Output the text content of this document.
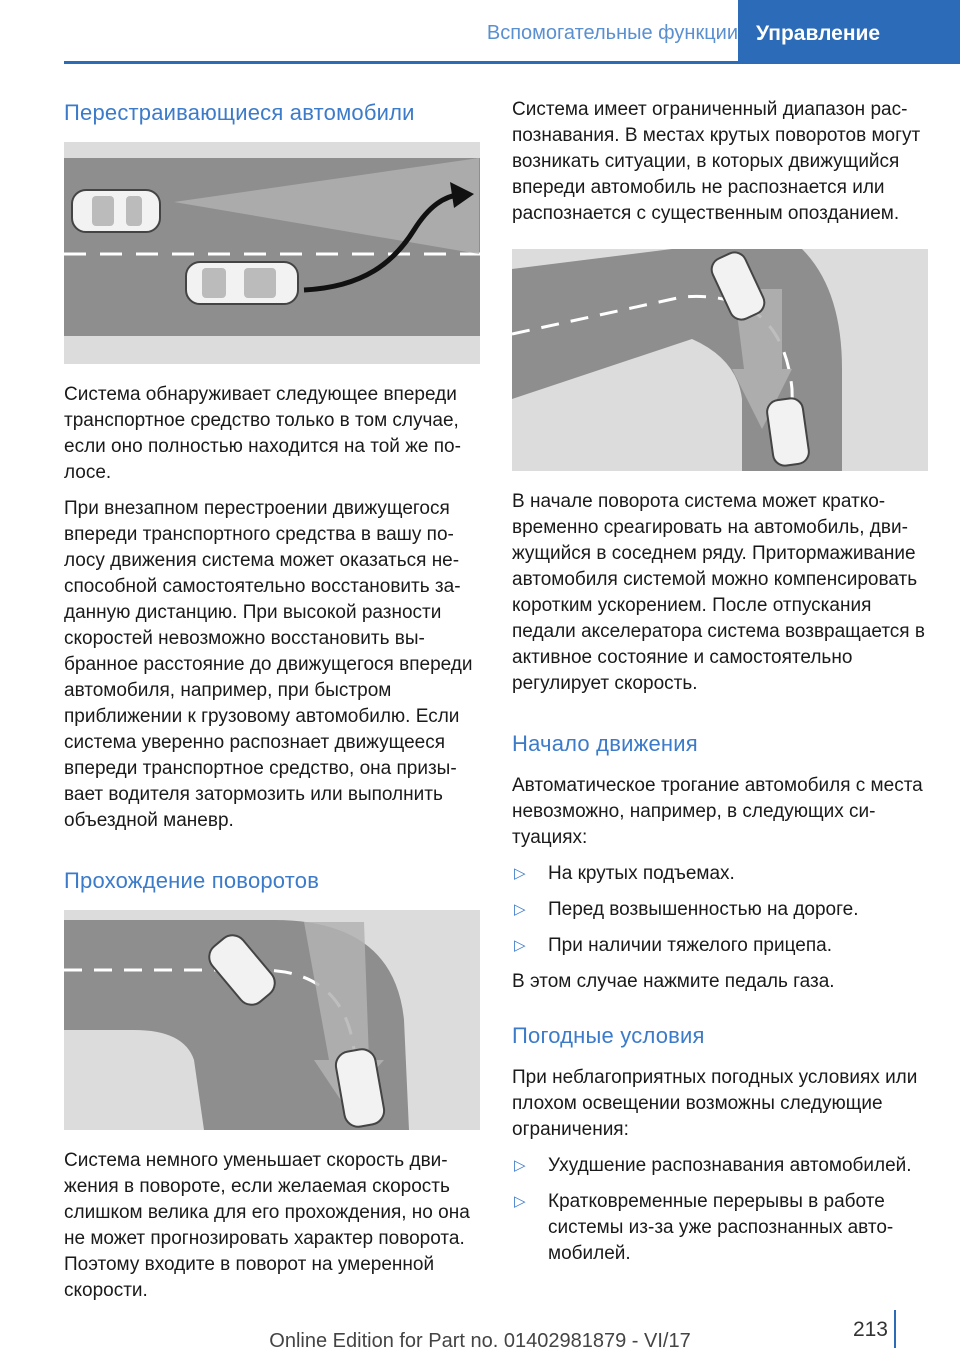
Вспомогательные функции Управление
Перестраивающиеся автомобили

Система обнаруживает следующее впереди транспортное средство только в том случае, если оно полностью находится на той же полосе.

При внезапном перестроении движущегося впереди транспортного средства в вашу полосу движения система может оказаться неспособной самостоятельно восстановить заданную дистанцию. При высокой разности скоростей невозможно восстановить выбранное расстояние до движущегося впереди автомобиля, например, при быстром приближении к грузовому автомобилю. Если система уверенно распознает движущееся впереди транспортное средство, она призывает водителя затормозить или выполнить объездной маневр.

Прохождение поворотов

Система немного уменьшает скорость движения в повороте, если желаемая скорость слишком велика для его прохождения, но она не может прогнозировать характер поворота. Поэтому входите в поворот на умеренной скорости.

Система имеет ограниченный диапазон распознавания. В местах крутых поворотов могут возникать ситуации, в которых движущийся впереди автомобиль не распознается или распознается с существенным опозданием.

В начале поворота система может кратковременно среагировать на автомобиль, движущийся в соседнем ряду. Притормаживание автомобиля системой можно компенсировать коротким ускорением. После отпускания педали акселератора система возвращается в активное состояние и самостоятельно регулирует скорость.

Начало движения

Автоматическое трогание автомобиля с места невозможно, например, в следующих ситуациях:

▷ На крутых подъемах.
▷ Перед возвышенностью на дороге.
▷ При наличии тяжелого прицепа.

В этом случае нажмите педаль газа.

Погодные условия

При неблагоприятных погодных условиях или плохом освещении возможны следующие ограничения:

▷ Ухудшение распознавания автомобилей.
▷ Кратковременные перерывы в работе системы из-за уже распознанных автомобилей.
213
Online Edition for Part no. 01402981879 - VI/17
